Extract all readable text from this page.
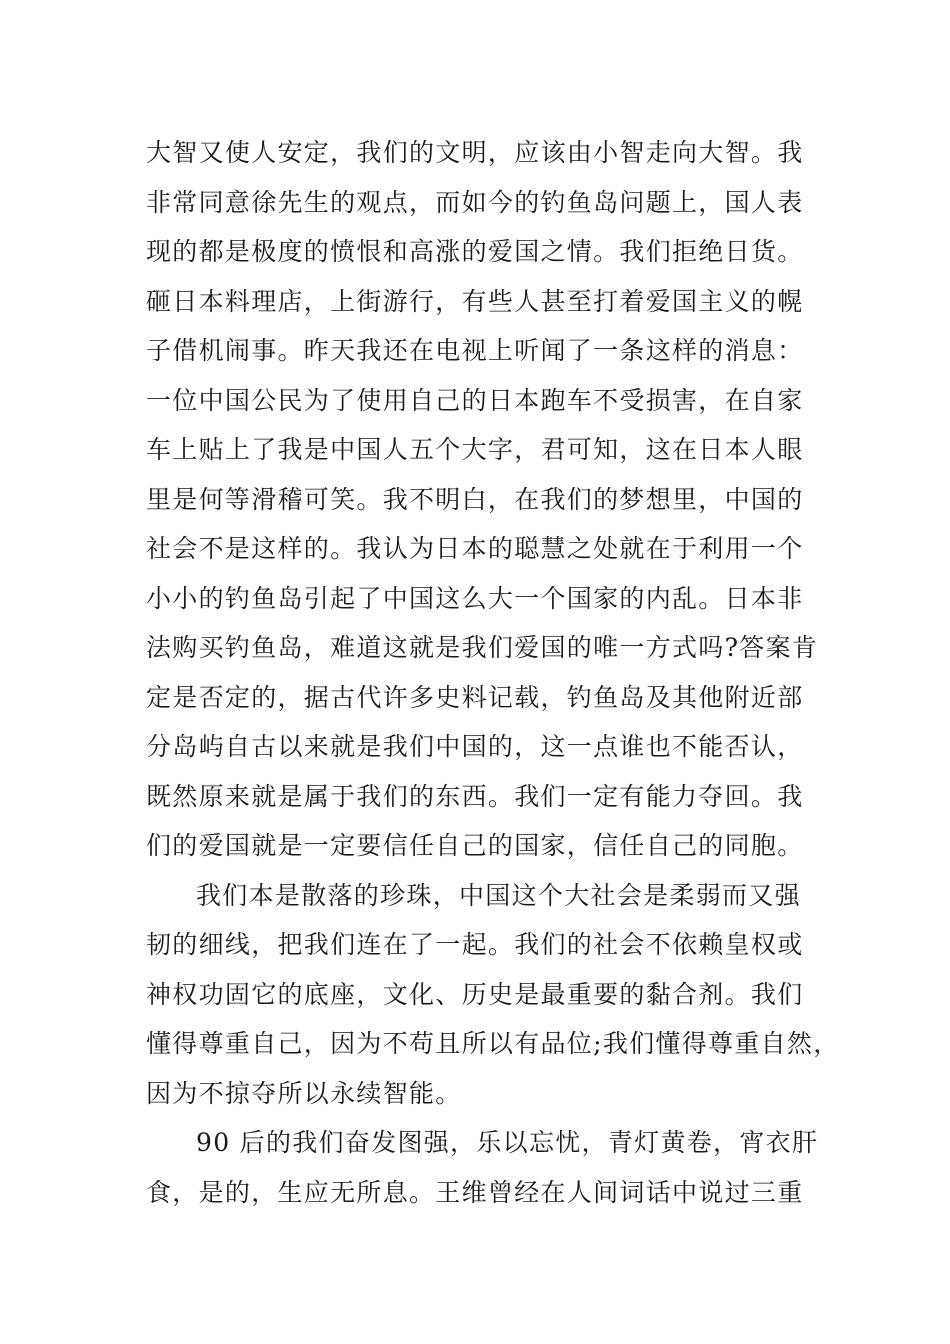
大智又使人安定，我们的文明，应该由小智走向大智。我
非常同意徐先生的观点，而如今的钓鱼岛问题上，国人表
现的都是极度的愤恨和高涨的爱国之情。我们拒绝日货。
砸日本料理店，上街游行，有些人甚至打着爱国主义的幌
子借机闹事。昨天我还在电视上听闻了一条这样的消息：
一位中国公民为了使用自己的日本跑车不受损害，在自家
车上贴上了我是中国人五个大字，君可知，这在日本人眼
里是何等滑稽可笑。我不明白，在我们的梦想里，中国的
社会不是这样的。我认为日本的聪慧之处就在于利用一个
小小的钓鱼岛引起了中国这么大一个国家的内乱。日本非
法购买钓鱼岛，难道这就是我们爱国的唯一方式吗?答案肯
定是否定的，据古代许多史料记载，钓鱼岛及其他附近部
分岛屿自古以来就是我们中国的，这一点谁也不能否认，
既然原来就是属于我们的东西。我们一定有能力夺回。我
们的爱国就是一定要信任自己的国家，信任自己的同胞。
我们本是散落的珍珠，中国这个大社会是柔弱而又强
韧的细线，把我们连在了一起。我们的社会不依赖皇权或
神权功固它的底座，文化、历史是最重要的黏合剂。我们
懂得尊重自己，因为不苟且所以有品位;我们懂得尊重自然，
因为不掠夺所以永续智能。
90 后的我们奋发图强，乐以忘忧，青灯黄卷，宵衣肝
食，是的，生应无所息。王维曾经在人间词话中说过三重
